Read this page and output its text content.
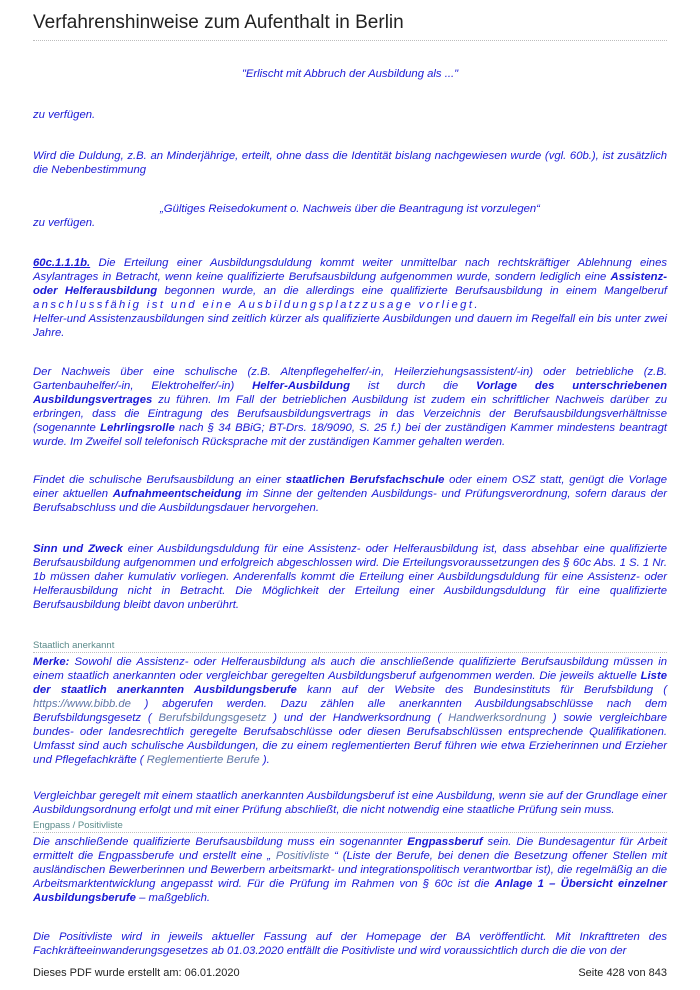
Verfahrenshinweise zum Aufenthalt in Berlin
"Erlischt mit Abbruch der Ausbildung als ..."
zu verfügen.
Wird die Duldung, z.B. an Minderjährige, erteilt, ohne dass die Identität bislang nachgewiesen wurde (vgl. 60b.), ist zusätzlich die Nebenbestimmung
„Gültiges Reisedokument o. Nachweis über die Beantragung ist vorzulegen“
zu verfügen.
60c.1.1.1b. Die Erteilung einer Ausbildungsduldung kommt weiter unmittelbar nach rechtskräftiger Ablehnung eines Asylantrages in Betracht, wenn keine qualifizierte Berufsausbildung aufgenommen wurde, sondern lediglich eine Assistenz- oder Helferausbildung begonnen wurde, an die allerdings eine qualifizierte Berufsausbildung in einem Mangelberuf anschlussfähig ist und eine Ausbildungsplatzzusage vorliegt.
Helfer-und Assistenzausbildungen sind zeitlich kürzer als qualifizierte Ausbildungen und dauern im Regelfall ein bis unter zwei Jahre.
Der Nachweis über eine schulische (z.B. Altenpflegehelfer/-in, Heilerziehungsassistent/-in) oder betriebliche (z.B. Gartenbauhelfer/-in, Elektrohelfer/-in) Helfer-Ausbildung ist durch die Vorlage des unterschriebenen Ausbildungsvertrages zu führen. Im Fall der betrieblichen Ausbildung ist zudem ein schriftlicher Nachweis darüber zu erbringen, dass die Eintragung des Berufsausbildungsvertrags in das Verzeichnis der Berufsausbildungsverhältnisse (sogenannte Lehrlingsrolle nach § 34 BBiG; BT-Drs. 18/9090, S. 25 f.) bei der zuständigen Kammer mindestens beantragt wurde. Im Zweifel soll telefonisch Rücksprache mit der zuständigen Kammer gehalten werden.
Findet die schulische Berufsausbildung an einer staatlichen Berufsfachschule oder einem OSZ statt, genügt die Vorlage einer aktuellen Aufnahmeentscheidung im Sinne der geltenden Ausbildungs- und Prüfungsverordnung, sofern daraus der Berufsabschluss und die Ausbildungsdauer hervorgehen.
Sinn und Zweck einer Ausbildungsduldung für eine Assistenz- oder Helferausbildung ist, dass absehbar eine qualifizierte Berufsausbildung aufgenommen und erfolgreich abgeschlossen wird. Die Erteilungsvoraussetzungen des § 60c Abs. 1 S. 1 Nr. 1b müssen daher kumulativ vorliegen. Anderenfalls kommt die Erteilung einer Ausbildungsduldung für eine Assistenz- oder Helferausbildung nicht in Betracht. Die Möglichkeit der Erteilung einer Ausbildungsduldung für eine qualifizierte Berufsausbildung bleibt davon unberührt.
Staatlich anerkannt
Merke: Sowohl die Assistenz- oder Helferausbildung als auch die anschließende qualifizierte Berufsausbildung müssen in einem staatlich anerkannten oder vergleichbar geregelten Ausbildungsberuf aufgenommen werden. Die jeweils aktuelle Liste der staatlich anerkannten Ausbildungsberufe kann auf der Website des Bundesinstituts für Berufsbildung ( https://www.bibb.de ) abgerufen werden. Dazu zählen alle anerkannten Ausbildungsabschlüsse nach dem Berufsbildungsgesetz ( Berufsbildungsgesetz ) und der Handwerksordnung ( Handwerksordnung ) sowie vergleichbare bundes- oder landesrechtlich geregelte Berufsabschlüsse oder diesen Berufsabschlüssen entsprechende Qualifikationen. Umfasst sind auch schulische Ausbildungen, die zu einem reglementierten Beruf führen wie etwa Erzieherinnen und Erzieher und Pflegefachkräfte ( Reglementierte Berufe ).
Vergleichbar geregelt mit einem staatlich anerkannten Ausbildungsberuf ist eine Ausbildung, wenn sie auf der Grundlage einer Ausbildungsordnung erfolgt und mit einer Prüfung abschließt, die nicht notwendig eine staatliche Prüfung sein muss.
Engpass / Positivliste
Die anschließende qualifizierte Berufsausbildung muss ein sogenannter Engpassberuf sein. Die Bundesagentur für Arbeit ermittelt die Engpassberufe und erstellt eine „ Positivliste “ (Liste der Berufe, bei denen die Besetzung offener Stellen mit ausländischen Bewerberinnen und Bewerbern arbeitsmarkt- und integrationspolitisch verantwortbar ist), die regelmäßig an die Arbeitsmarktentwicklung angepasst wird. Für die Prüfung im Rahmen von § 60c ist die Anlage 1 – Übersicht einzelner Ausbildungsberufe – maßgeblich.
Die Positivliste wird in jeweils aktueller Fassung auf der Homepage der BA veröffentlicht. Mit Inkrafttreten des Fachkräfteeinwanderungsgesetzes ab 01.03.2020 entfällt die Positivliste und wird voraussichtlich durch die die von der
Dieses PDF wurde erstellt am: 06.01.2020	Seite 428 von 843
